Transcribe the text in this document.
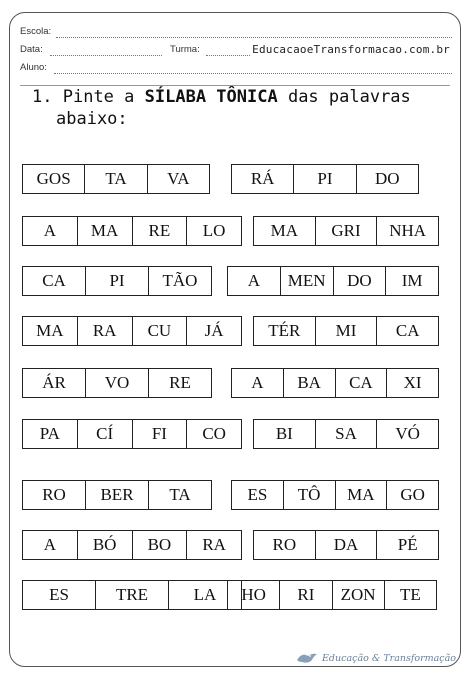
Escola:
Data:	Turma:	EducacaoeTransformacao.com.br
Aluno:
1. Pinte a SÍLABA TÔNICA das palavras
abaixo:
GOS	TA	VA	RÁ	PI	DO
A	MA	RE	LO	MA	GRI	NHA
CA	PI	TÃO	A	MEN	DO	IM
MA	RA	CU	JÁ	TÉR	MI	CA
ÁR	VO	RE	A	BA	CA	XI
PA	CÍ	FI	CO	BI	SA	VÓ
RO	BER	TA	ES	TÔ	MA	GO
A	BÓ	BO	RA	RO	DA	PÉ
ES	TRE	LA	HO	RI	ZON	TE
Educação & Transformação
